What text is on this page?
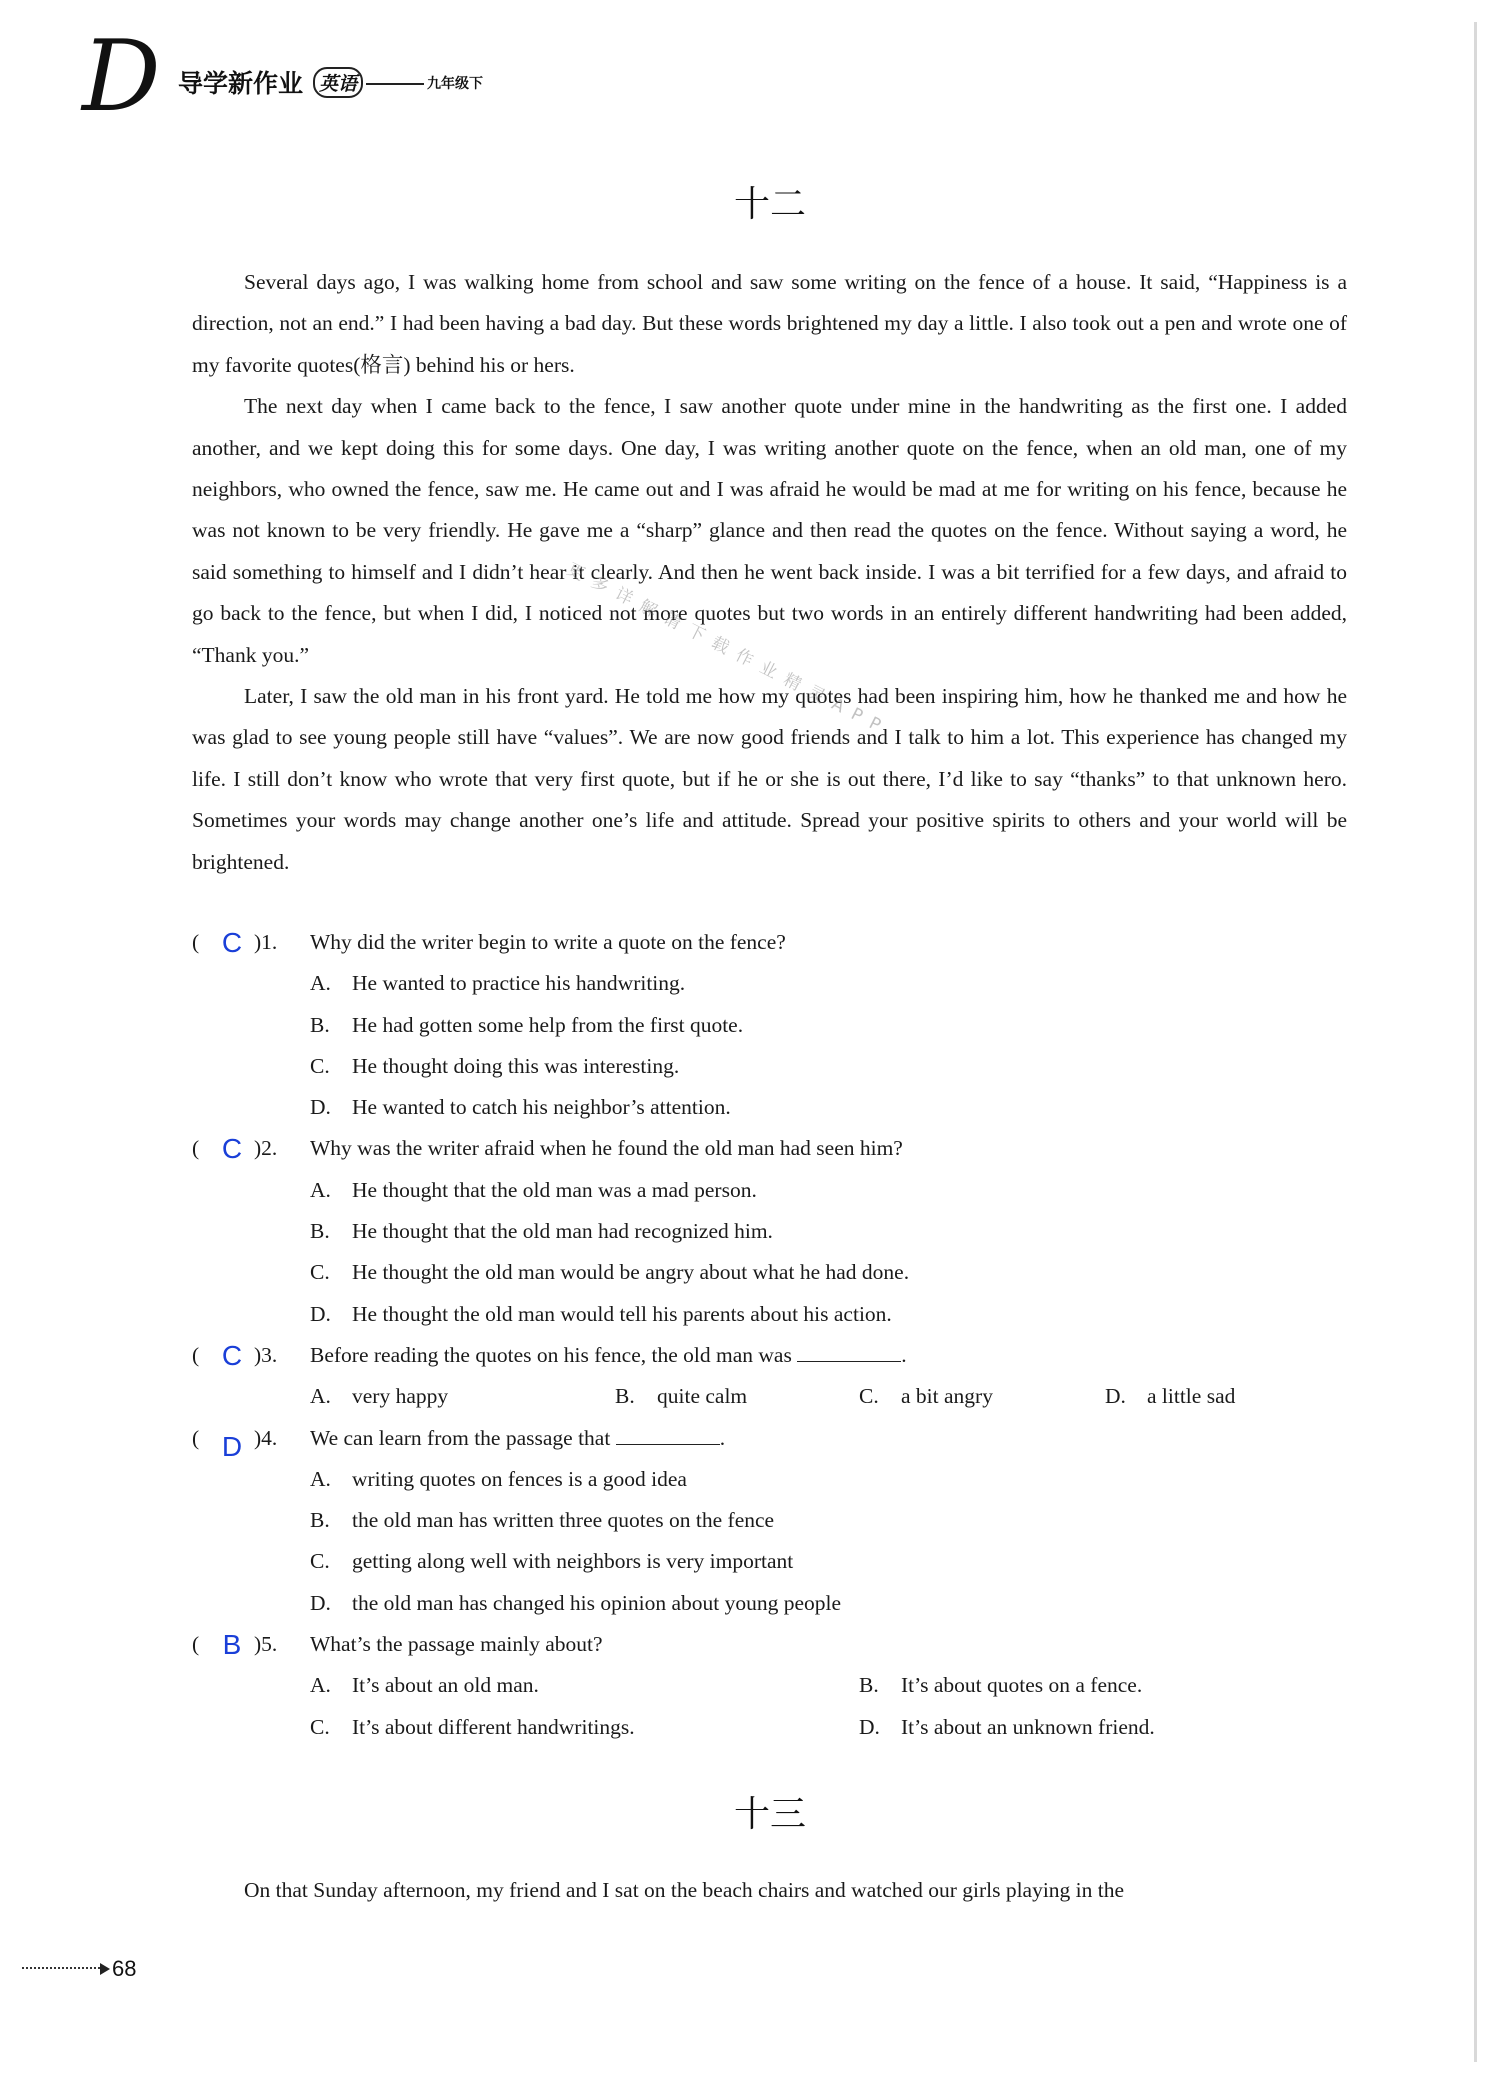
D 导学新作业 英语	九年级下
十二

Several days ago, I was walking home from school and saw some writing on the fence of a house. It said, “Happiness is a direction, not an end.” I had been having a bad day. But these words brightened my day a little. I also took out a pen and wrote one of my favorite quotes(格言) behind his or hers.

The next day when I came back to the fence, I saw another quote under mine in the handwriting as the first one. I added another, and we kept doing this for some days. One day, I was writing another quote on the fence, when an old man, one of my neighbors, who owned the fence, saw me. He came out and I was afraid he would be mad at me for writing on his fence, because he was not known to be very friendly. He gave me a “sharp” glance and then read the quotes on the fence. Without saying a word, he said something to himself and I didn’t hear it clearly. And then he went back inside. I was a bit terrified for a few days, and afraid to go back to the fence, but when I did, I noticed not more quotes but two words in an entirely different handwriting had been added, “Thank you.”

Later, I saw the old man in his front yard. He told me how my quotes had been inspiring him, how he thanked me and how he was glad to see young people still have “values”. We are now good friends and I talk to him a lot. This experience has changed my life. I still don’t know who wrote that very first quote, but if he or she is out there, I’d like to say “thanks” to that unknown hero. Sometimes your words may change another one’s life and attitude. Spread your positive spirits to others and your world will be brightened.

更多详解请下载作业精灵APP
( C )1. Why did the writer begin to write a quote on the fence?
A. He wanted to practice his handwriting.
B. He had gotten some help from the first quote.
C. He thought doing this was interesting.
D. He wanted to catch his neighbor’s attention.
( C )2. Why was the writer afraid when he found the old man had seen him?
A. He thought that the old man was a mad person.
B. He thought that the old man had recognized him.
C. He thought the old man would be angry about what he had done.
D. He thought the old man would tell his parents about his action.
( C )3. Before reading the quotes on his fence, the old man was	.
A. very happy	B. quite calm	C. a bit angry	D. a little sad
( D )4. We can learn from the passage that	.
A. writing quotes on fences is a good idea
B. the old man has written three quotes on the fence
C. getting along well with neighbors is very important
D. the old man has changed his opinion about young people
( B )5. What’s the passage mainly about?
A. It’s about an old man.	B. It’s about quotes on a fence.
C. It’s about different handwritings.	D. It’s about an unknown friend.
十三

On that Sunday afternoon, my friend and I sat on the beach chairs and watched our girls playing in the

68
